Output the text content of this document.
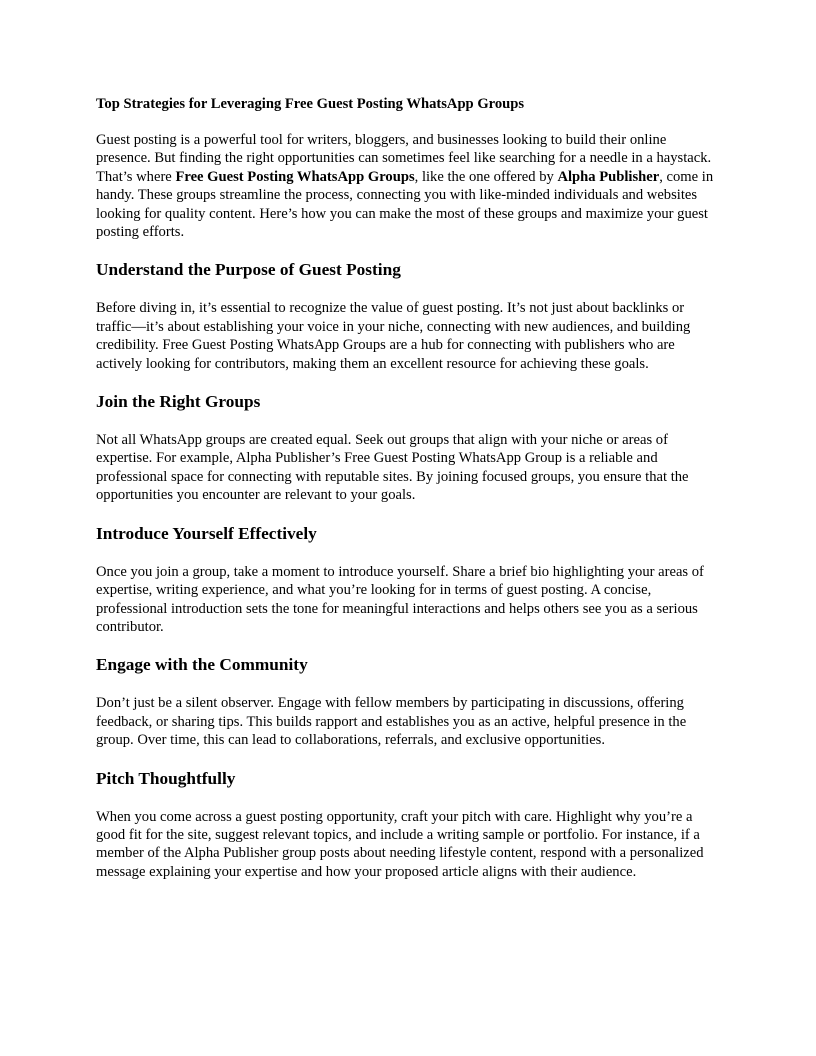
Top Strategies for Leveraging Free Guest Posting WhatsApp Groups

Guest posting is a powerful tool for writers, bloggers, and businesses looking to build their online presence. But finding the right opportunities can sometimes feel like searching for a needle in a haystack. That’s where Free Guest Posting WhatsApp Groups, like the one offered by Alpha Publisher, come in handy. These groups streamline the process, connecting you with like-minded individuals and websites looking for quality content. Here’s how you can make the most of these groups and maximize your guest posting efforts.

Understand the Purpose of Guest Posting

Before diving in, it’s essential to recognize the value of guest posting. It’s not just about backlinks or traffic—it’s about establishing your voice in your niche, connecting with new audiences, and building credibility. Free Guest Posting WhatsApp Groups are a hub for connecting with publishers who are actively looking for contributors, making them an excellent resource for achieving these goals.

Join the Right Groups

Not all WhatsApp groups are created equal. Seek out groups that align with your niche or areas of expertise. For example, Alpha Publisher’s Free Guest Posting WhatsApp Group is a reliable and professional space for connecting with reputable sites. By joining focused groups, you ensure that the opportunities you encounter are relevant to your goals.

Introduce Yourself Effectively

Once you join a group, take a moment to introduce yourself. Share a brief bio highlighting your areas of expertise, writing experience, and what you’re looking for in terms of guest posting. A concise, professional introduction sets the tone for meaningful interactions and helps others see you as a serious contributor.

Engage with the Community

Don’t just be a silent observer. Engage with fellow members by participating in discussions, offering feedback, or sharing tips. This builds rapport and establishes you as an active, helpful presence in the group. Over time, this can lead to collaborations, referrals, and exclusive opportunities.

Pitch Thoughtfully

When you come across a guest posting opportunity, craft your pitch with care. Highlight why you’re a good fit for the site, suggest relevant topics, and include a writing sample or portfolio. For instance, if a member of the Alpha Publisher group posts about needing lifestyle content, respond with a personalized message explaining your expertise and how your proposed article aligns with their audience.
